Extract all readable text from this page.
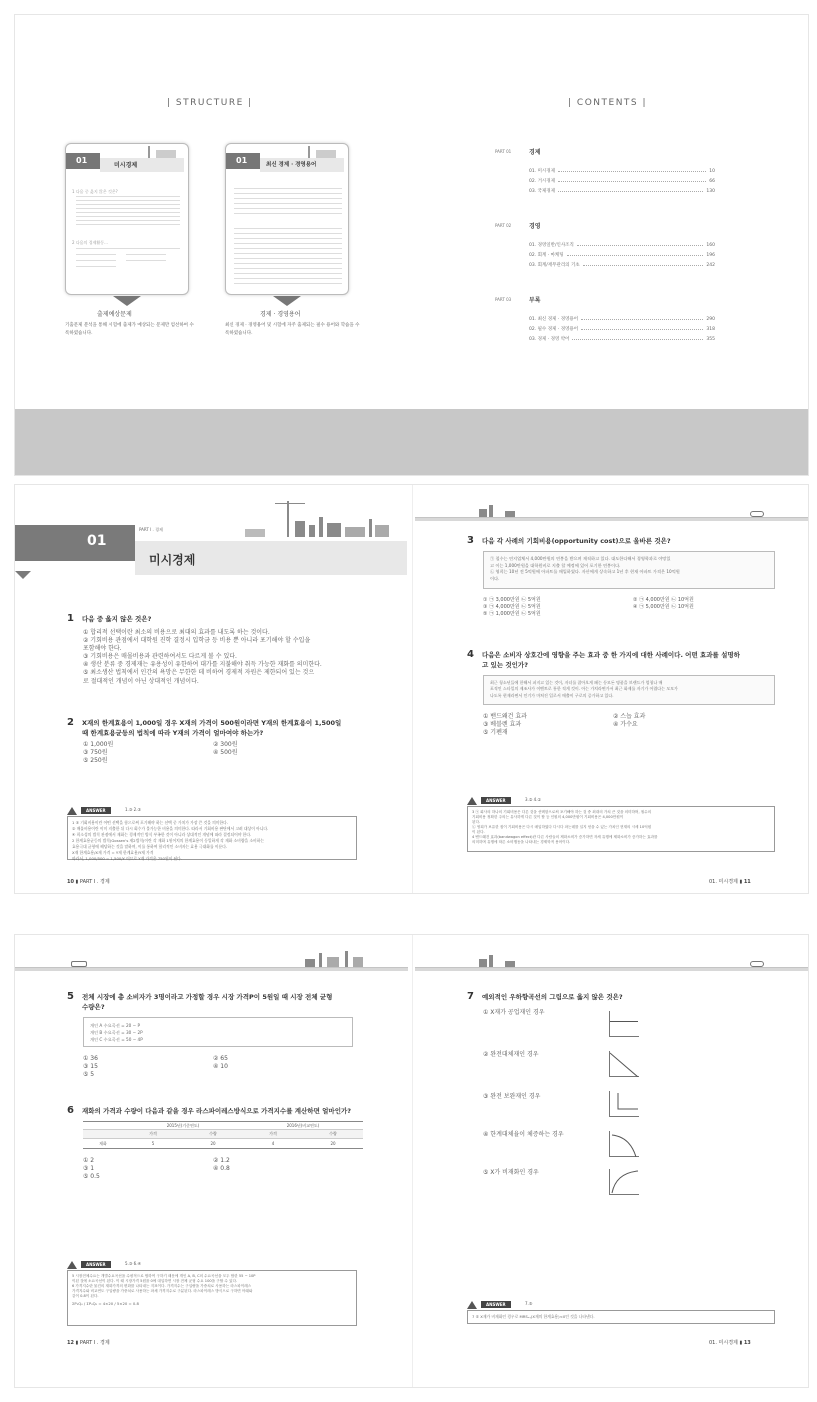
| STRUCTURE |	| CONTENTS |
01
미시경제
1 다음 중 옳지 않은 것은?
2 다음의 경제활동...
출제예상문제
기출문제 분석을 통해 시험에 출제가 예상되는 문제만 엄선하여 수
록하였습니다.
01	최신 경제 · 경영용어
경제 · 경영용어
최신 경제 · 경영용어 및 시험에 자주 출제되는 필수 용어와 학습을 수
록하였습니다.
PART 01	경제
01. 미시경제	10
02. 거시경제	66
03. 국제경제	130
PART 02	경영
01. 경영일반/인사조직	160
02. 회계 · 마케팅	196
03. 회계/재무관리의 기초	242
PART 03	부록
01. 최신 경제 · 경영용어	290
02. 필수 경제 · 경영용어	318
03. 경제 · 경영 약어	355
PART I . 경제
01
미시경제
1 다음 중 옳지 않은 것은?
① 합리적 선택이란 최소의 비용으로 최대의 효과를 내도록 하는 것이다.
② 기회비용 관점에서 대학원 진학 결정시 입학금 등 비용 뿐 아니라 포기해야 할 수입을
포함해야 한다.
③ 기회비용은 매몰비용과 관련하여서도 다르게 볼 수 있다.
④ 생산 분류 중 경제재는 유용성이 유한하여 대가를 지불해야 취득 가능한 재화를 의미한다.
⑤ 최소생산 법칙에서 인간의 욕망은 무한한 데 비하여 경제적 자원은 제한되어 있는 것으
로 절대적인 개념이 아닌 상대적인 개념이다.
2 X재의 한계효용이 1,000일 경우 X재의 가격이 500원이라면 Y재의 한계효용이 1,500일
때 한계효용균등의 법칙에 따라 Y재의 가격이 얼마여야 하는가?
① 1,000원	② 300원
③ 750원	④ 500원
⑤ 250원
ANSWER	1.③ 2.③
1 ③ 기회비용이란 어떤 선택을 함으로써 포기해야 하는 선택 중 가치가 가장 큰 것을 의미한다.
② 매몰비용이란 이미 지출한 뒤 다시 회수가 불가능한 비용을 의미한다. 따라서 기회비용 판단에서 고려 대상이 아니다.
④ 희소성의 법칙 관점에서 재화는 경제적인 방식 부족한 것이 아니라 상대적인 개념에 따라 결정되어야 한다.
2 한계효용균등의 법칙(Gossen's 제2법칙)이란 각 재화 1원어치의 한계효용이 동일하게 각 재화 소비량을 소비하는
효용극대 균형에 해당하는 것을 말하며, 이를 통하여 합리적인 소비자는 효용 극대화를 이룬다.
X재 한계효용/X재 가격 = Y재 한계효용/Y재 가격
따라서, 1,000/500 = 1,500/Y 이므로 Y재 가격은 750원이 된다.
10 ▮ PART I . 경제
3 다음 각 사례의 기회비용(opportunity cost)으로 올바른 것은?
㉠ 철수는 연지업체서 4,000만원의 연봉을 받으며 재직하고 있다. 대도한다해서 경영학과로 야망있
고 이는 1,000만원을 대학원비로 지출 할 예정에 있어 포기한 연봉이다.
㉡ 영희는 10년 전 5억원에 아파트를 매입하였다. 자산에게 상속하고 1년 후 현재 아파트 가격은 10억원
이다.
① ㉠ 3,000만원 ㉡ 5억원	② ㉠ 4,000만원 ㉡ 10억원
③ ㉠ 4,000만원 ㉡ 5억원	④ ㉠ 5,000만원 ㉡ 10억원
⑤ ㉠ 1,000만원 ㉡ 5억원
4 다음은 소비자 상호간에 영향을 주는 효과 중 한 가지에 대한 사례이다. 어떤 효과를 설명하
고 있는 것인가?
최근 청소년들에 한해서 퍼지고 있는 것이, 자녀를 잡아오게 패는 등모든 명품을 브랜드가 엄청나 매
포적인 스타일의 제조사가 이벤트로 통한 적게 것이. 아는 가치라면가서 최근 화제를 자기가 어렵다는 모모가
나도록 현재라면서 인기가 마쳐진 입로서 매출이 구로의 증가하고 있다.
① 밴드왜건 효과	② 스놉 효과
③ 베블렌 효과	④ 가수요
⑤ 기펜재
ANSWER	3.② 4.①
3 ㉠ 회사의 하나의 기회비용은 다른 것을 선택함으로써 포기해야 하는 것 중 최대의 가치 큰 것을 의미하며, 철수의
기회비용 정확한 주의는 유사하게 다른 것이 합 등 인원의 4,000만원이 기회비용은 4,000만원이
된다.
㉡ 영희가 보유한 집이 기회비용은 다시 매입하였다 다시다 파는데를 일지 얻을 수 있는 가치인 현재의 시세 10억원
이 된다.
4 밴드왜건 효과(bandwagon effect)란 다른 사람들의 제화소비가 증가하면 자세 유행에 제화소비가 증가하는 효과를
의미하며 유행에 따른 소비행동을 나타내는 경제학적 용어이다.
01. 미시경제 ▮ 11
5 전체 시장에 총 소비자가 3명이라고 가정할 경우 시장 가격P이 5원일 때 시장 전체 균형
수량은?
개인 A 수요곡선 = 20 − P
개인 B 수요곡선 = 30 − 2P
개인 C 수요곡선 = 50 − 4P
① 36	② 65
③ 15	④ 10
⑤ 5
6 재화의 가격과 수량이 다음과 같을 경우 라스파이레스방식으로 가격지수를 계산하면 얼마인가?
2015년(기준연도)	2016년(비교연도)
가격	수량	가격	수량
재화	5	20	4	20
① 2	② 1.2
③ 1	④ 0.8
⑤ 0.5
ANSWER	5.③ 6.④
5 시장전체수요는 개별수요곡선을 수평적으로 합하여 구하기 때문에 개인 A, B, C의 수요곡선을 모두 합한 55 − 10P
이된 것에 소요곡선이 된다. 이 때 시장가격 5원을 0에 대입하면 시장 전체 균형 수요 100을 구할 수 있다.
6 가격지수란 물건의 재화가격의 변화를 나타내는 지표이다. 가격지수는 구입량을 가중치로 사용하는 라스파이레스
가격지수와 비교연도 구입량을 가중치로 사용하는 파셰 가격지수로 구분된다. 라스파이레스 방식으로 구하면 아래와
같이 0.8이 된다.
ΣP₁Q₀ / ΣP₀Q₀ = 4×20 / 5×20 = 0.8
12 ▮ PART I . 경제
7 예외적인 우하향곡선의 그림으로 옳지 않은 것은?
① X재가 공업재인 경우
② 완전대체재인 경우
③ 완전 보완재인 경우
④ 한계대체율이 체증하는 경우
⑤ X가 비재화인 경우
ANSWER	7.⑤
7 ⑤ X재가 비재화인 경우로 MRSₓᵧ(X재의 한계효용)<0인 것을 나타낸다.
01. 미시경제 ▮ 13
